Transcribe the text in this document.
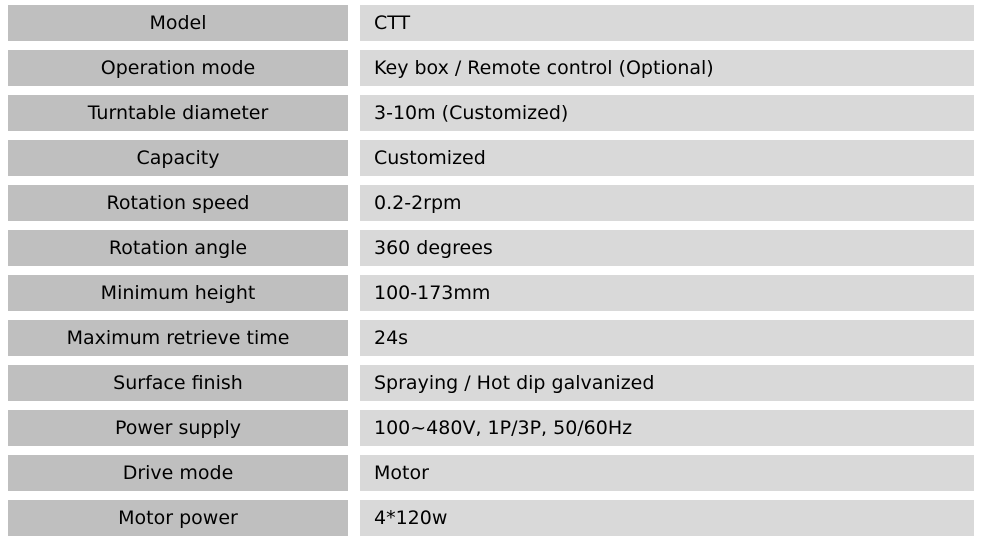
	Model		CTT	

	Operation mode		Key box / Remote control (Optional)	

	Turntable diameter		3-10m (Customized)	

	Capacity		Customized	

	Rotation speed		0.2-2rpm	

	Rotation angle		360 degrees	

	Minimum height		100-173mm	

	Maximum retrieve time		24s	

	Surface finish		Spraying / Hot dip galvanized	

	Power supply		100~480V, 1P/3P, 50/60Hz	

	Drive mode		Motor	

	Motor power		4*120w	
